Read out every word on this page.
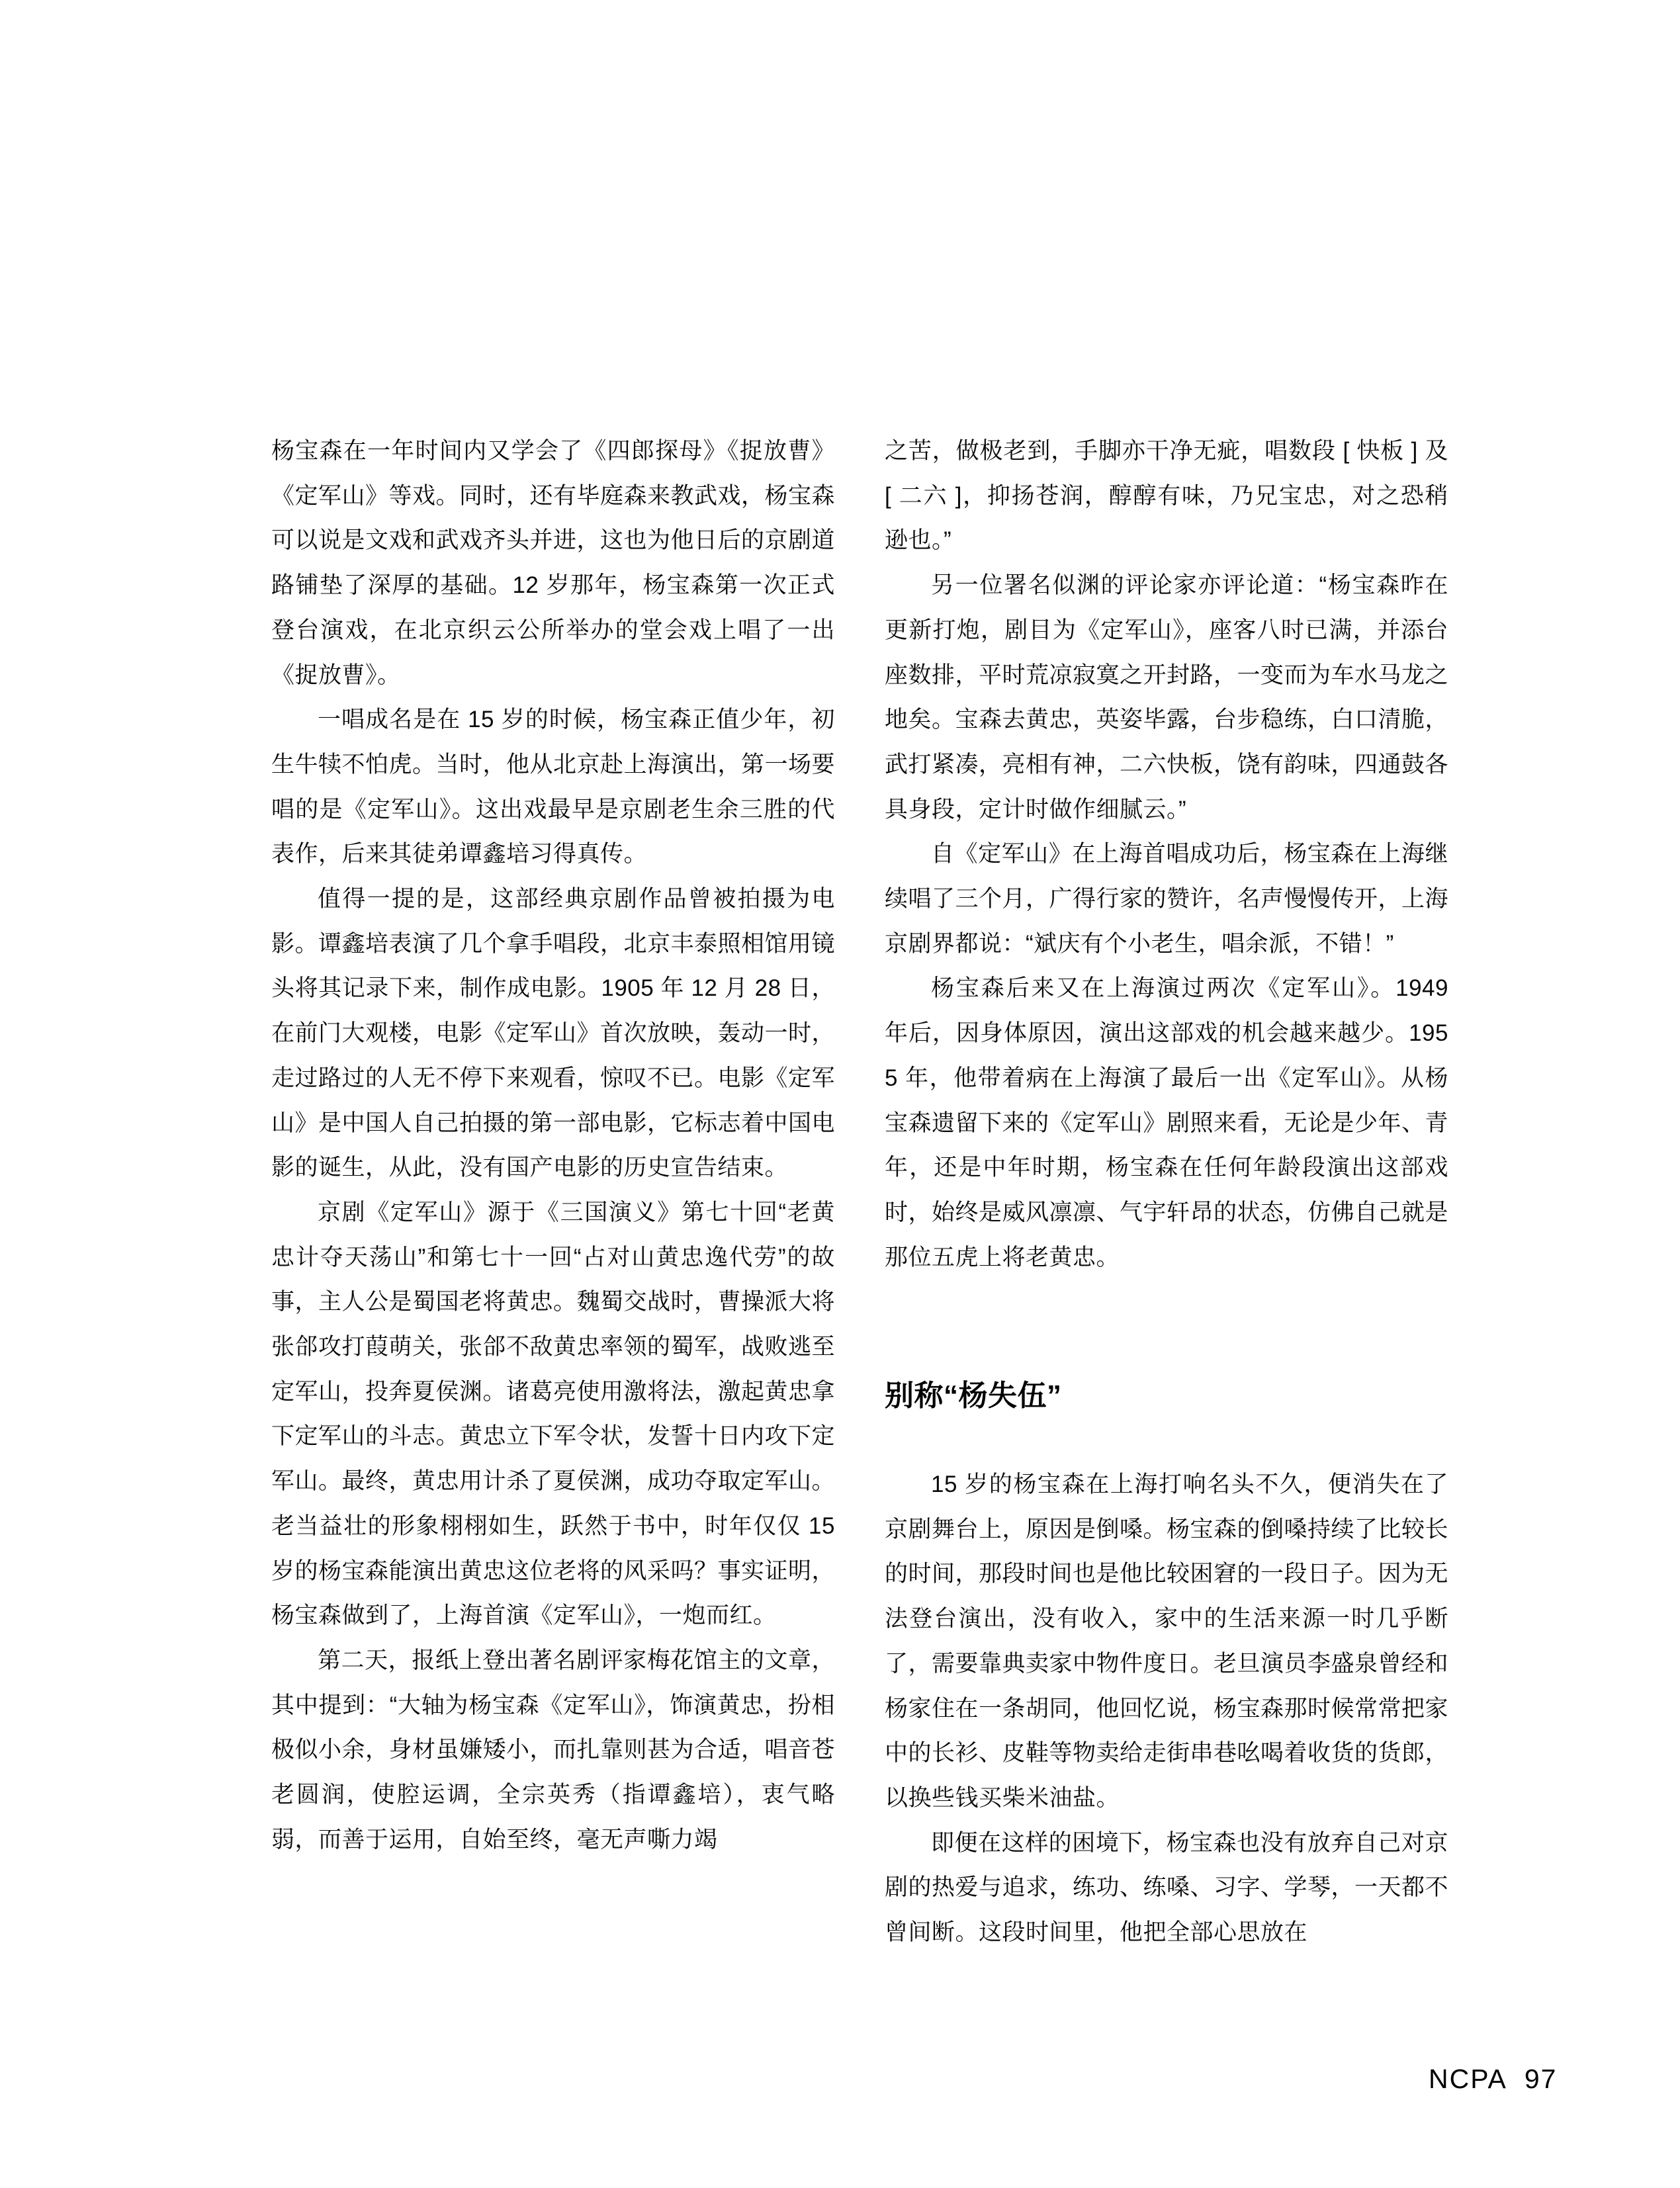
杨宝森在一年时间内又学会了《四郎探母》《捉放曹》《定军山》等戏。同时，还有毕庭森来教武戏，杨宝森可以说是文戏和武戏齐头并进，这也为他日后的京剧道路铺垫了深厚的基础。12 岁那年，杨宝森第一次正式登台演戏，在北京织云公所举办的堂会戏上唱了一出《捉放曹》。

一唱成名是在 15 岁的时候，杨宝森正值少年，初生牛犊不怕虎。当时，他从北京赴上海演出，第一场要唱的是《定军山》。这出戏最早是京剧老生余三胜的代表作，后来其徒弟谭鑫培习得真传。

值得一提的是，这部经典京剧作品曾被拍摄为电影。谭鑫培表演了几个拿手唱段，北京丰泰照相馆用镜头将其记录下来，制作成电影。1905 年 12 月 28 日，在前门大观楼，电影《定军山》首次放映，轰动一时，走过路过的人无不停下来观看，惊叹不已。电影《定军山》是中国人自己拍摄的第一部电影，它标志着中国电影的诞生，从此，没有国产电影的历史宣告结束。

京剧《定军山》源于《三国演义》第七十回“老黄忠计夺天荡山”和第七十一回“占对山黄忠逸代劳”的故事，主人公是蜀国老将黄忠。魏蜀交战时，曹操派大将张郃攻打葭萌关，张郃不敌黄忠率领的蜀军，战败逃至定军山，投奔夏侯渊。诸葛亮使用激将法，激起黄忠拿下定军山的斗志。黄忠立下军令状，发誓十日内攻下定军山。最终，黄忠用计杀了夏侯渊，成功夺取定军山。老当益壮的形象栩栩如生，跃然于书中，时年仅仅 15 岁的杨宝森能演出黄忠这位老将的风采吗？事实证明，杨宝森做到了，上海首演《定军山》，一炮而红。

第二天，报纸上登出著名剧评家梅花馆主的文章，其中提到：“大轴为杨宝森《定军山》，饰演黄忠，扮相极似小余，身材虽嫌矮小，而扎靠则甚为合适，唱音苍老圆润，使腔运调，全宗英秀（指谭鑫培），衷气略弱，而善于运用，自始至终，毫无声嘶力竭

之苦，做极老到，手脚亦干净无疵，唱数段 [ 快板 ] 及 [ 二六 ]，抑扬苍润，醇醇有味，乃兄宝忠，对之恐稍逊也。”

另一位署名似渊的评论家亦评论道：“杨宝森昨在更新打炮，剧目为《定军山》，座客八时已满，并添台座数排，平时荒凉寂寞之开封路，一变而为车水马龙之地矣。宝森去黄忠，英姿毕露，台步稳练，白口清脆，武打紧凑，亮相有神，二六快板，饶有韵味，四通鼓各具身段，定计时做作细腻云。”

自《定军山》在上海首唱成功后，杨宝森在上海继续唱了三个月，广得行家的赞许，名声慢慢传开，上海京剧界都说：“斌庆有个小老生，唱余派，不错！”

杨宝森后来又在上海演过两次《定军山》。1949 年后，因身体原因，演出这部戏的机会越来越少。1955 年，他带着病在上海演了最后一出《定军山》。从杨宝森遗留下来的《定军山》剧照来看，无论是少年、青年，还是中年时期，杨宝森在任何年龄段演出这部戏时，始终是威风凛凛、气宇轩昂的状态，仿佛自己就是那位五虎上将老黄忠。

别称“杨失伍”

15 岁的杨宝森在上海打响名头不久，便消失在了京剧舞台上，原因是倒嗓。杨宝森的倒嗓持续了比较长的时间，那段时间也是他比较困窘的一段日子。因为无法登台演出，没有收入，家中的生活来源一时几乎断了，需要靠典卖家中物件度日。老旦演员李盛泉曾经和杨家住在一条胡同，他回忆说，杨宝森那时候常常把家中的长衫、皮鞋等物卖给走街串巷吆喝着收货的货郎，以换些钱买柴米油盐。

即便在这样的困境下，杨宝森也没有放弃自己对京剧的热爱与追求，练功、练嗓、习字、学琴，一天都不曾间断。这段时间里，他把全部心思放在

NCPA 97
